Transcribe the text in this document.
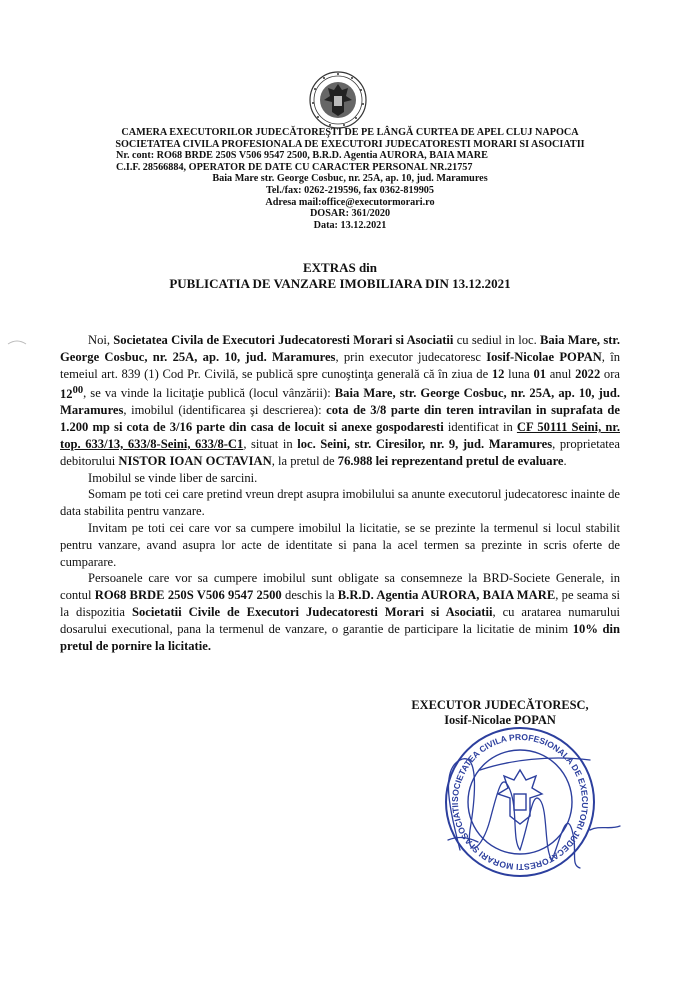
CAMERA EXECUTORILOR JUDECĂTOREŞTI DE PE LÂNGĂ CURTEA DE APEL CLUJ NAPOCA
SOCIETATEA CIVILA PROFESIONALA DE EXECUTORI JUDECATORESTI MORARI SI ASOCIATII
Nr. cont: RO68 BRDE 250S V506 9547 2500, B.R.D. Agentia AURORA, BAIA MARE
C.I.F. 28566884, OPERATOR DE DATE CU CARACTER PERSONAL NR.21757
Baia Mare str. George Cosbuc, nr. 25A, ap. 10, jud. Maramures
Tel./fax: 0262-219596, fax 0362-819905
Adresa mail:office@executormorari.ro
DOSAR: 361/2020
Data: 13.12.2021
EXTRAS din
PUBLICATIA DE VANZARE IMOBILIARA DIN 13.12.2021

Noi, Societatea Civila de Executori Judecatoresti Morari si Asociatii cu sediul in loc. Baia Mare, str. George Cosbuc, nr. 25A, ap. 10, jud. Maramures, prin executor judecatoresc Iosif-Nicolae POPAN, în temeiul art. 839 (1) Cod Pr. Civilă, se publică spre cunoştinţa generală că în ziua de 12 luna 01 anul 2022 ora $12^{00}$, se va vinde la licitaţie publică (locul vânzării): Baia Mare, str. George Cosbuc, nr. 25A, ap. 10, jud. Maramures, imobilul (identificarea şi descrierea): cota de 3/8 parte din teren intravilan in suprafata de 1.200 mp si cota de 3/16 parte din casa de locuit si anexe gospodaresti identificat in CF 50111 Seini, nr. top. 633/13, 633/8-Seini, 633/8-C1, situat in loc. Seini, str. Ciresilor, nr. 9, jud. Maramures, proprietatea debitorului NISTOR IOAN OCTAVIAN, la pretul de 76.988 lei reprezentand pretul de evaluare.

Imobilul se vinde liber de sarcini.

Somam pe toti cei care pretind vreun drept asupra imobilului sa anunte executorul judecatoresc inainte de data stabilita pentru vanzare.

Invitam pe toti cei care vor sa cumpere imobilul la licitatie, se se prezinte la termenul si locul stabilit pentru vanzare, avand asupra lor acte de identitate si pana la acel termen sa prezinte in scris oferte de cumparare.

Persoanele care vor sa cumpere imobilul sunt obligate sa consemneze la BRD-Societe Generale, in contul RO68 BRDE 250S V506 9547 2500 deschis la B.R.D. Agentia AURORA, BAIA MARE, pe seama si la dispozitia Societatii Civile de Executori Judecatoresti Morari si Asociatii, cu aratarea numarului dosarului executional, pana la termenul de vanzare, o garantie de participare la licitatie de minim 10% din pretul de pornire la licitatie.

EXECUTOR JUDECĂTORESC,
Iosif-Nicolae POPAN
SOCIETATEA CIVILA PROFESIONALA DE EXECUTORI JUDECATORESTI MORARI SI ASOCIATII
